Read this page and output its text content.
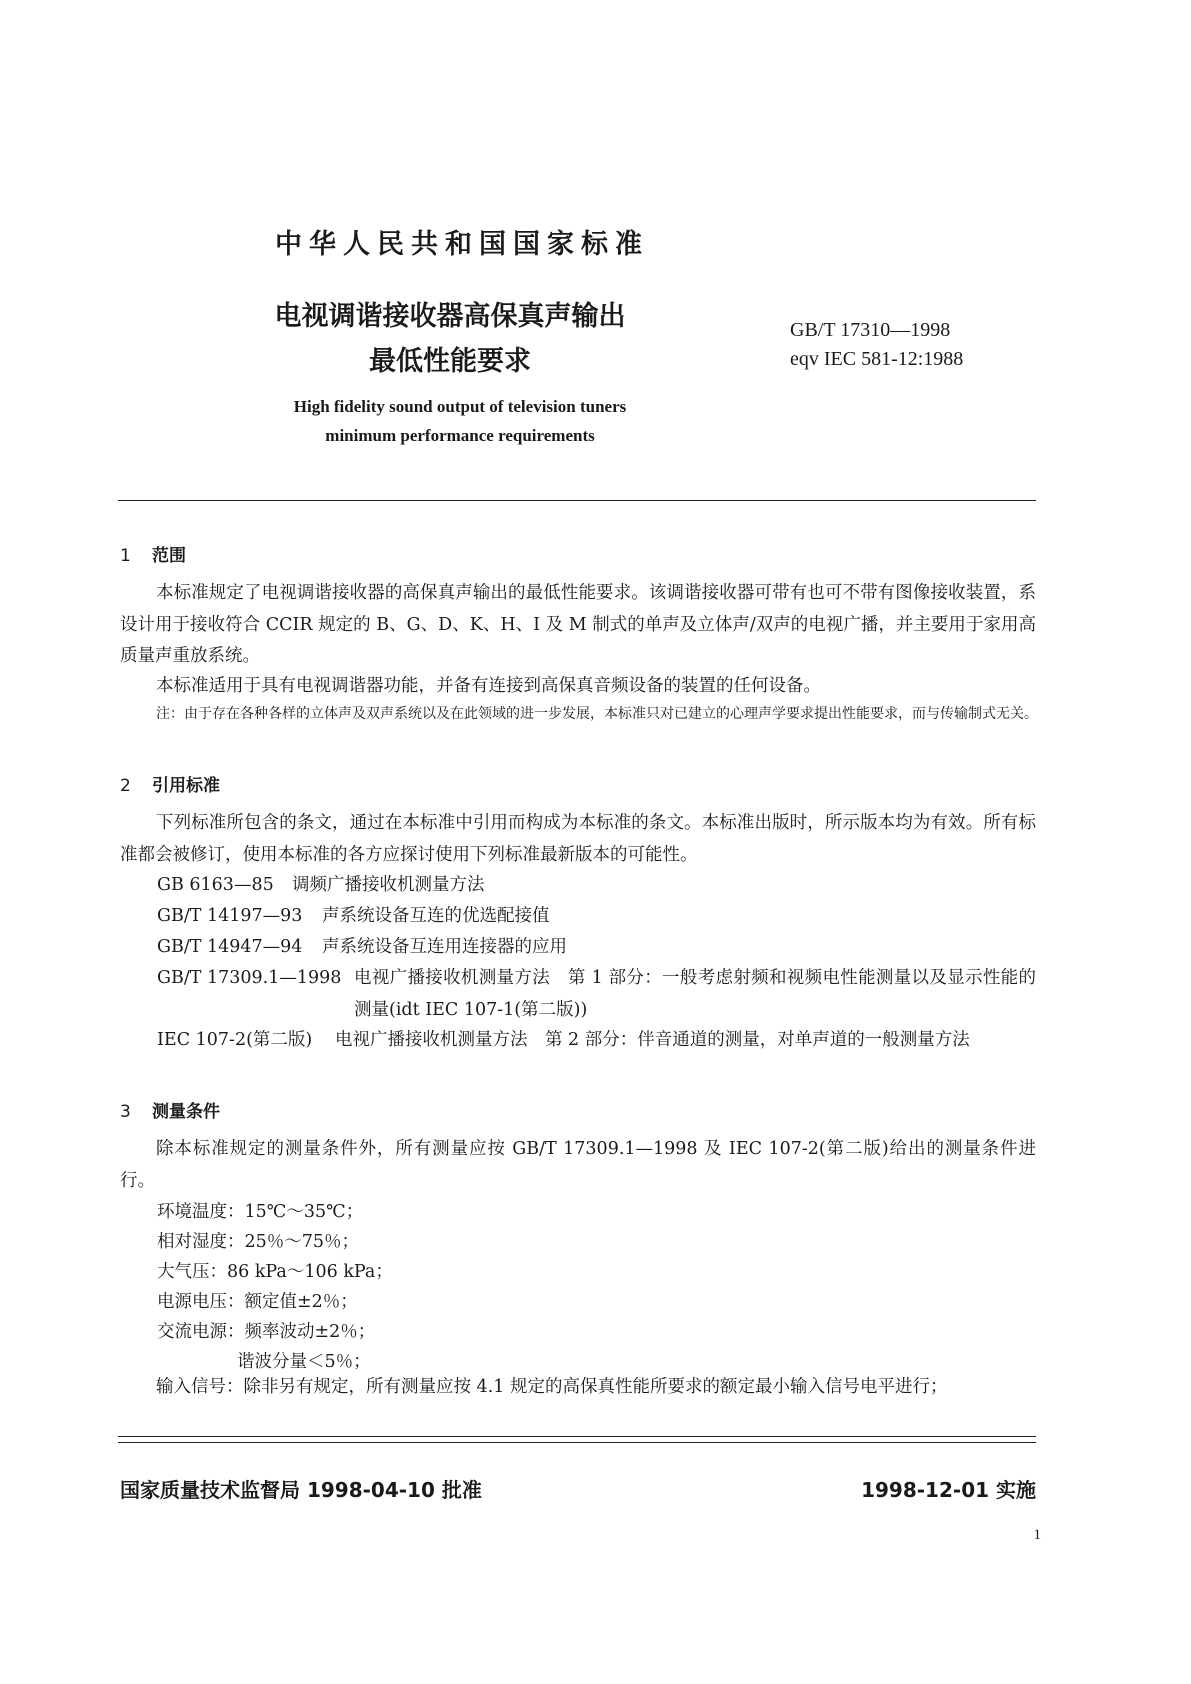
中华人民共和国国家标准
电视调谐接收器高保真声输出
最低性能要求
GB/T 17310—1998
eqv IEC 581-12:1988
High fidelity sound output of television tuners
minimum performance requirements
1 范围
本标准规定了电视调谐接收器的高保真声输出的最低性能要求。该调谐接收器可带有也可不带有图像接收装置，系设计用于接收符合 CCIR 规定的 B、G、D、K、H、I 及 M 制式的单声及立体声/双声的电视广播，并主要用于家用高质量声重放系统。
本标准适用于具有电视调谐器功能，并备有连接到高保真音频设备的装置的任何设备。
注：由于存在各种各样的立体声及双声系统以及在此领域的进一步发展，本标准只对已建立的心理声学要求提出性能要求，而与传输制式无关。
2 引用标准
下列标准所包含的条文，通过在本标准中引用而构成为本标准的条文。本标准出版时，所示版本均为有效。所有标准都会被修订，使用本标准的各方应探讨使用下列标准最新版本的可能性。
GB 6163—85	调频广播接收机测量方法
GB/T 14197—93	声系统设备互连的优选配接值
GB/T 14947—94	声系统设备互连用连接器的应用
GB/T 17309.1—1998 电视广播接收机测量方法　第 1 部分：一般考虑射频和视频电性能测量以及显示性能的测量(idt IEC 107-1(第二版))
IEC 107-2(第二版)	电视广播接收机测量方法　第 2 部分：伴音通道的测量，对单声道的一般测量方法
3 测量条件
除本标准规定的测量条件外，所有测量应按 GB/T 17309.1—1998 及 IEC 107-2(第二版)给出的测量条件进行。
环境温度：15℃～35℃；
相对湿度：25％～75％；
大气压：86 kPa～106 kPa；
电源电压：额定值±2％；
交流电源：频率波动±2％；
谐波分量＜5％；
输入信号：除非另有规定，所有测量应按 4.1 规定的高保真性能所要求的额定最小输入信号电平进行；
国家质量技术监督局 1998-04-10 批准	1998-12-01 实施
1
